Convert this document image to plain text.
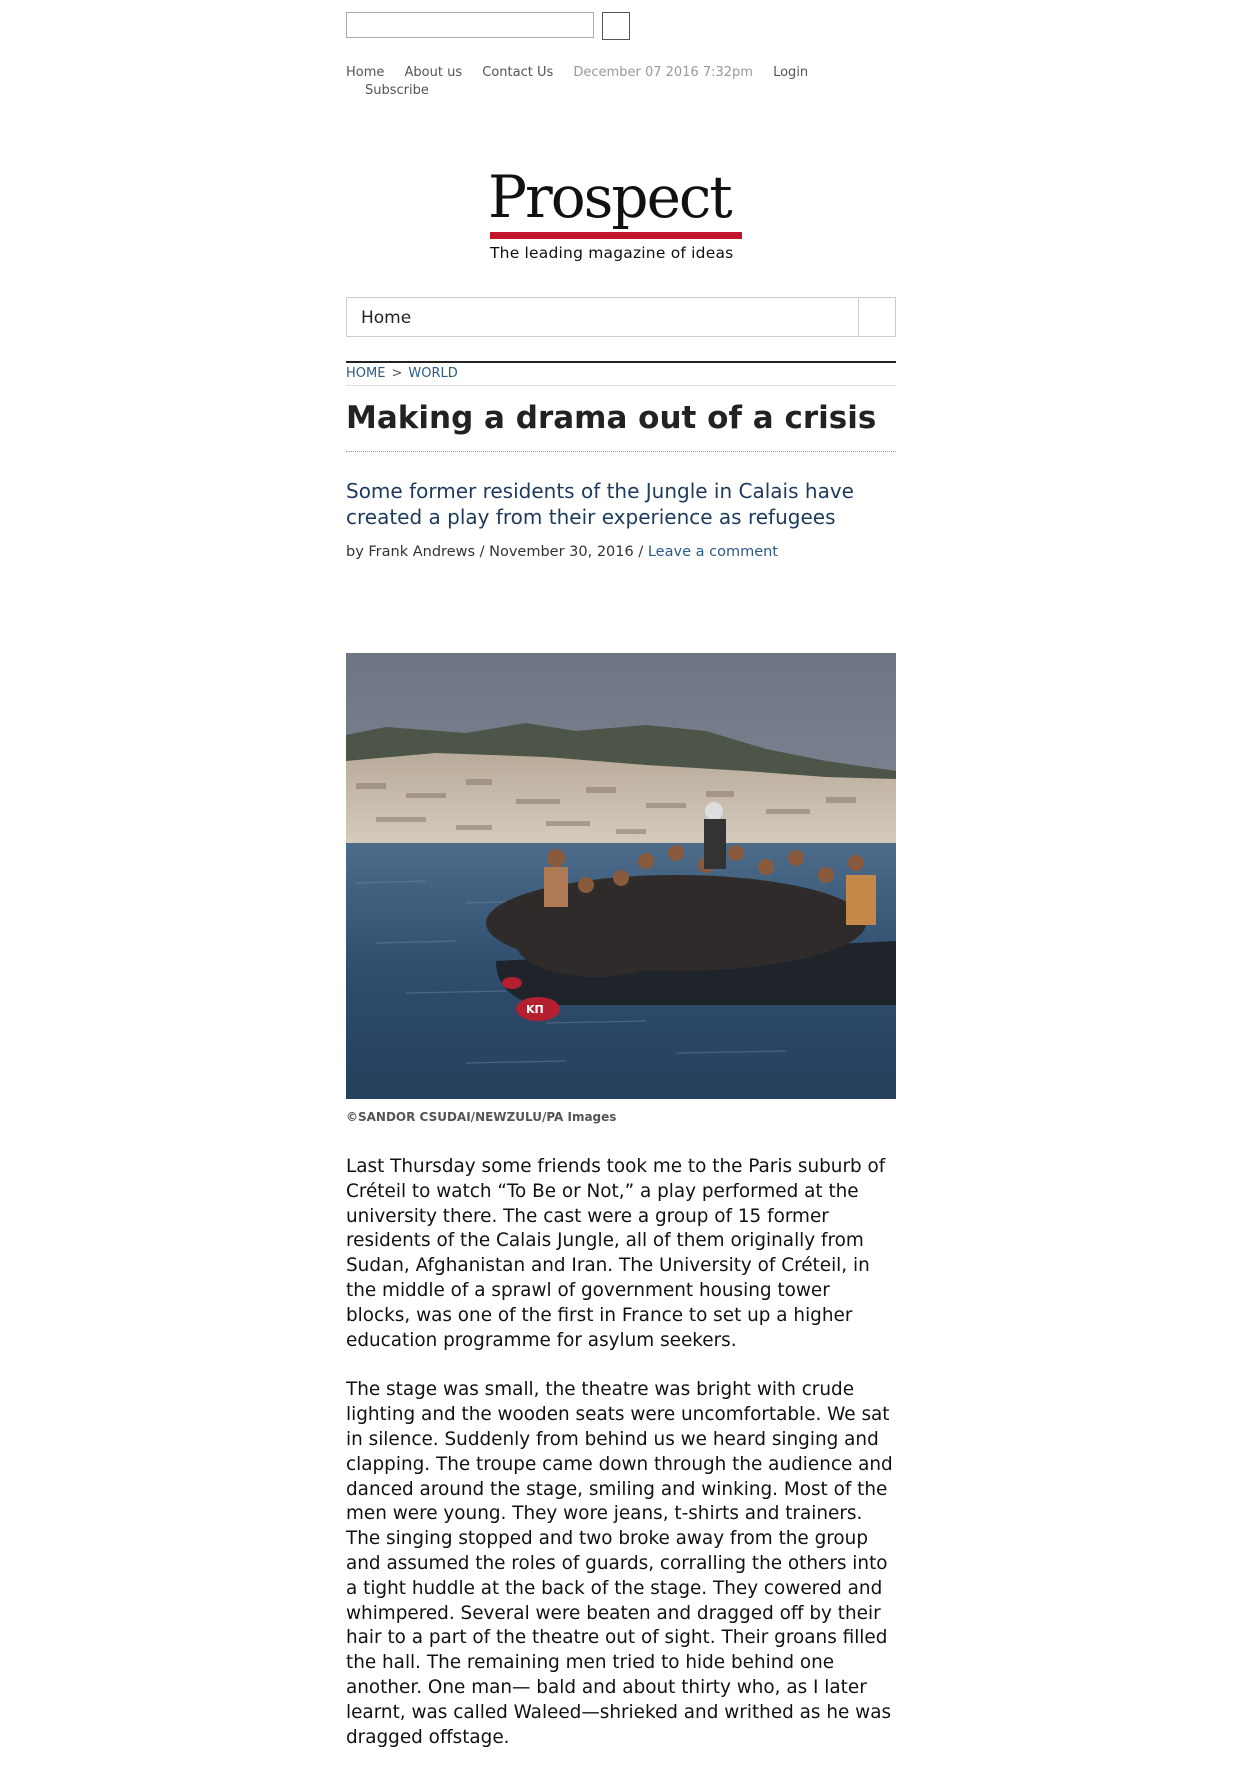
Home About us Contact Us December 07 2016 7:32pm Login
Subscribe
Prospect
The leading magazine of ideas
Home
HOME > WORLD
Making a drama out of a crisis
Some former residents of the Jungle in Calais have created a play from their experience as refugees
by Frank Andrews / November 30, 2016 / Leave a comment
ΚΠ
©SANDOR CSUDAI/NEWZULU/PA Images

Last Thursday some friends took me to the Paris suburb of Créteil to watch “To Be or Not,” a play performed at the university there. The cast were a group of 15 former residents of the Calais Jungle, all of them originally from Sudan, Afghanistan and Iran. The University of Créteil, in the middle of a sprawl of government housing tower blocks, was one of the first in France to set up a higher education programme for asylum seekers.

The stage was small, the theatre was bright with crude lighting and the wooden seats were uncomfortable. We sat in silence. Suddenly from behind us we heard singing and clapping. The troupe came down through the audience and danced around the stage, smiling and winking. Most of the men were young. They wore jeans, t-shirts and trainers. The singing stopped and two broke away from the group and assumed the roles of guards, corralling the others into a tight huddle at the back of the stage. They cowered and whimpered. Several were beaten and dragged off by their hair to a part of the theatre out of sight. Their groans filled the hall. The remaining men tried to hide behind one another. One man— bald and about thirty who, as I later learnt, was called Waleed—shrieked and writhed as he was dragged offstage.
